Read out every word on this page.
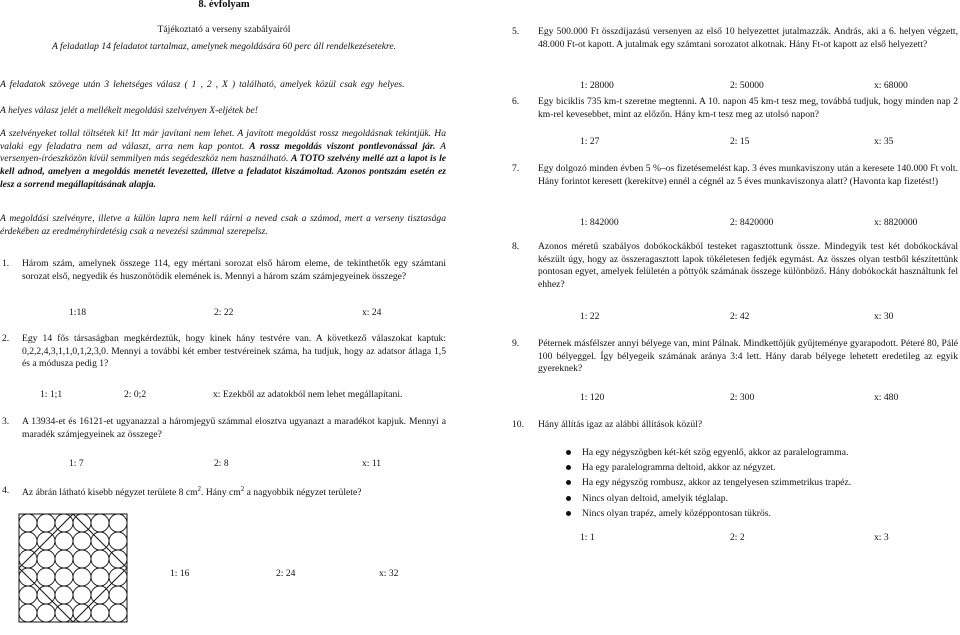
8. évfolyam
Tájékoztató a verseny szabályairól
A feladatlap 14 feladatot tartalmaz, amelynek megoldására 60 perc áll rendelkezésetekre.
A feladatok szövege után 3 lehetséges válasz ( 1 , 2 , X ) található, amelyek közül csak egy helyes.
A helyes válasz jelét a mellékelt megoldási szelvényen X-eljétek be!
A szelvényeket tollal töltsétek ki! Itt már javítani nem lehet. A javított megoldást rossz megoldásnak tekintjük. Ha valaki egy feladatra nem ad választ, arra nem kap pontot. A rossz megoldás viszont pontlevonással jár. A versenyen-íróeszközön kívül semmilyen más segédeszköz nem használható. A TOTO szelvény mellé azt a lapot is le kell adnod, amelyen a megoldás menetét levezetted, illetve a feladatot kiszámoltad. Azonos pontszám esetén ez lesz a sorrend megállapításának alapja.
A megoldási szelvényre, illetve a külön lapra nem kell ráírni a neved csak a számod, mert a verseny tisztasága érdekében az eredményhirdetésig csak a nevezési számmal szerepelsz.
1. Három szám, amelynek összege 114, egy mértani sorozat első három eleme, de tekinthetők egy számtani sorozat első, negyedik és huszonötödik elemének is. Mennyi a három szám számjegyeinek összege?
1:18	2: 22	x: 24
2. Egy 14 fős társaságban megkérdeztük, hogy kinek hány testvére van. A következő válaszokat kaptuk: 0,2,2,4,3,1,1,0,1,2,3,0. Mennyi a további két ember testvéreinek száma, ha tudjuk, hogy az adatsor átlaga 1,5 és a módusza pedig 1?
1: 1;1	2: 0;2	x: Ezekből az adatokból nem lehet megállapítani.
3. A 13934-et és 16121-et ugyanazzal a háromjegyű számmal elosztva ugyanazt a maradékot kapjuk. Mennyi a maradék számjegyeinek az összege?
1: 7	2: 8	x: 11
4. Az ábrán látható kisebb négyzet területe 8 $cm^2$. Hány $cm^2$ a nagyobbik négyzet területe?
1: 16	2: 24	x: 32
5. Egy 500.000 Ft összdíjazású versenyen az első 10 helyezettet jutalmazzák. András, aki a 6. helyen végzett, 48.000 Ft-ot kapott. A jutalmak egy számtani sorozatot alkotnak. Hány Ft-ot kapott az első helyezett?
1: 28000	2: 50000	x: 68000
6. Egy biciklis 735 km-t szeretne megtenni. A 10. napon 45 km-t tesz meg, továbbá tudjuk, hogy minden nap 2 km-rel kevesebbet, mint az előzőn. Hány km-t tesz meg az utolsó napon?
1: 27	2: 15	x: 35
7. Egy dolgozó minden évben 5 %–os fizetésemelést kap. 3 éves munkaviszony után a keresete 140.000 Ft volt. Hány forintot keresett (kerekítve) ennél a cégnél az 5 éves munkaviszonya alatt? (Havonta kap fizetést!)
1: 842000	2: 8420000	x: 8820000
8. Azonos méretű szabályos dobókockákból testeket ragasztottunk össze. Mindegyik test két dobókockával készült úgy, hogy az összeragasztott lapok tökéletesen fedjék egymást. Az összes olyan testből készítettünk pontosan egyet, amelyek felületén a pöttyök számának összege különböző. Hány dobókockát használtunk fel ehhez?
1: 22	2: 42	x: 30
9. Péternek másfélszer annyi bélyege van, mint Pálnak. Mindkettőjük gyűjteménye gyarapodott. Péteré 80, Pálé 100 bélyeggel. Így bélyegeik számának aránya 3:4 lett. Hány darab bélyege lehetett eredetileg az egyik gyereknek?
1: 120	2: 300	x: 480
10. Hány állítás igaz az alábbi állítások közül?
Ha egy négyszögben két-két szög egyenlő, akkor az paralelogramma.
Ha egy paralelogramma deltoid, akkor az négyzet.
Ha egy négyszög rombusz, akkor az tengelyesen szimmetrikus trapéz.
Nincs olyan deltoid, amelyik téglalap.
Nincs olyan trapéz, amely középpontosan tükrös.
1: 1	2: 2	x: 3
